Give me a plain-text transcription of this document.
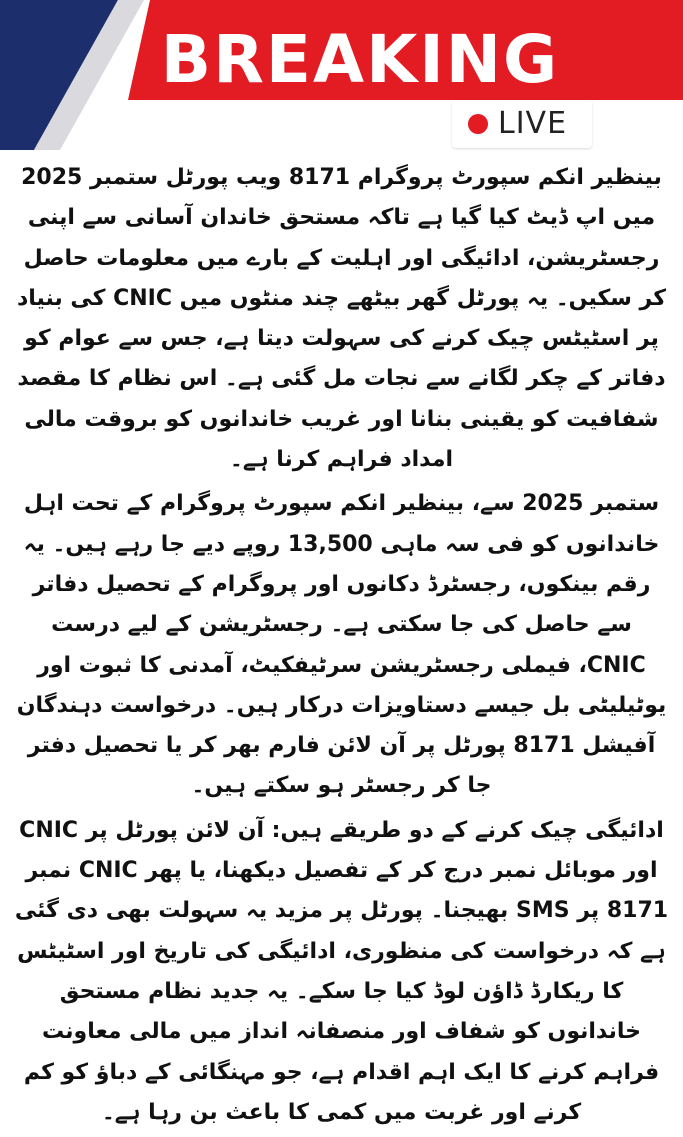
BREAKING
LIVE

بینظیر انکم سپورٹ پروگرام 8171 ویب پورٹل ستمبر 2025 میں اپ ڈیٹ کیا گیا ہے تاکہ مستحق خاندان آسانی سے اپنی رجسٹریشن، ادائیگی اور اہلیت کے بارے میں معلومات حاصل کر سکیں۔ یہ پورٹل گھر بیٹھے چند منٹوں میں CNIC کی بنیاد پر اسٹیٹس چیک کرنے کی سہولت دیتا ہے، جس سے عوام کو دفاتر کے چکر لگانے سے نجات مل گئی ہے۔ اس نظام کا مقصد شفافیت کو یقینی بنانا اور غریب خاندانوں کو بروقت مالی امداد فراہم کرنا ہے۔

ستمبر 2025 سے، بینظیر انکم سپورٹ پروگرام کے تحت اہل خاندانوں کو فی سہ ماہی 13,500 روپے دیے جا رہے ہیں۔ یہ رقم بینکوں، رجسٹرڈ دکانوں اور پروگرام کے تحصیل دفاتر سے حاصل کی جا سکتی ہے۔ رجسٹریشن کے لیے درست CNIC، فیملی رجسٹریشن سرٹیفکیٹ، آمدنی کا ثبوت اور یوٹیلیٹی بل جیسے دستاویزات درکار ہیں۔ درخواست دہندگان آفیشل 8171 پورٹل پر آن لائن فارم بھر کر یا تحصیل دفتر جا کر رجسٹر ہو سکتے ہیں۔

ادائیگی چیک کرنے کے دو طریقے ہیں: آن لائن پورٹل پر CNIC اور موبائل نمبر درج کر کے تفصیل دیکھنا، یا پھر CNIC نمبر 8171 پر SMS بھیجنا۔ پورٹل پر مزید یہ سہولت بھی دی گئی ہے کہ درخواست کی منظوری، ادائیگی کی تاریخ اور اسٹیٹس کا ریکارڈ ڈاؤن لوڈ کیا جا سکے۔ یہ جدید نظام مستحق خاندانوں کو شفاف اور منصفانہ انداز میں مالی معاونت فراہم کرنے کا ایک اہم اقدام ہے، جو مہنگائی کے دباؤ کو کم کرنے اور غربت میں کمی کا باعث بن رہا ہے۔
